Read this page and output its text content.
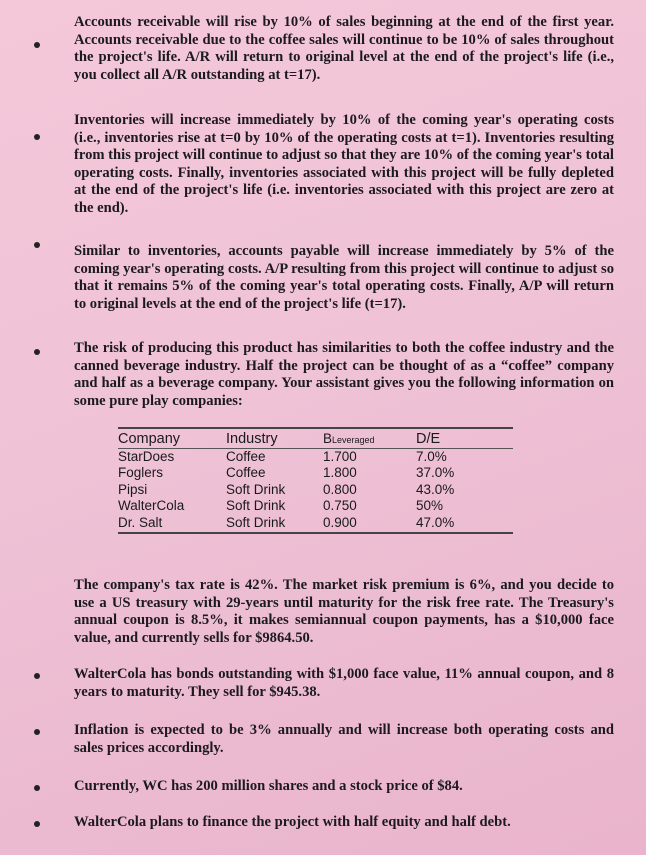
Accounts receivable will rise by 10% of sales beginning at the end of the first year. Accounts receivable due to the coffee sales will continue to be 10% of sales throughout the project's life. A/R will return to original level at the end of the project's life (i.e., you collect all A/R outstanding at t=17).

Inventories will increase immediately by 10% of the coming year's operating costs (i.e., inventories rise at t=0 by 10% of the operating costs at t=1). Inventories resulting from this project will continue to adjust so that they are 10% of the coming year's total operating costs. Finally, inventories associated with this project will be fully depleted at the end of the project's life (i.e. inventories associated with this project are zero at the end).

Similar to inventories, accounts payable will increase immediately by 5% of the coming year's operating costs. A/P resulting from this project will continue to adjust so that it remains 5% of the coming year's total operating costs. Finally, A/P will return to original levels at the end of the project's life (t=17).

The risk of producing this product has similarities to both the coffee industry and the canned beverage industry. Half the project can be thought of as a “coffee” company and half as a beverage company. Your assistant gives you the following information on some pure play companies:

Company	Industry	BLeveraged	D/E
StarDoes	Coffee	1.700	7.0%
Foglers	Coffee	1.800	37.0%
Pipsi	Soft Drink	0.800	43.0%
WalterCola	Soft Drink	0.750	50%
Dr. Salt	Soft Drink	0.900	47.0%

The company's tax rate is 42%. The market risk premium is 6%, and you decide to use a US treasury with 29-years until maturity for the risk free rate. The Treasury's annual coupon is 8.5%, it makes semiannual coupon payments, has a $10,000 face value, and currently sells for $9864.50.

WalterCola has bonds outstanding with $1,000 face value, 11% annual coupon, and 8 years to maturity. They sell for $945.38.

Inflation is expected to be 3% annually and will increase both operating costs and sales prices accordingly.

Currently, WC has 200 million shares and a stock price of $84.

WalterCola plans to finance the project with half equity and half debt.
